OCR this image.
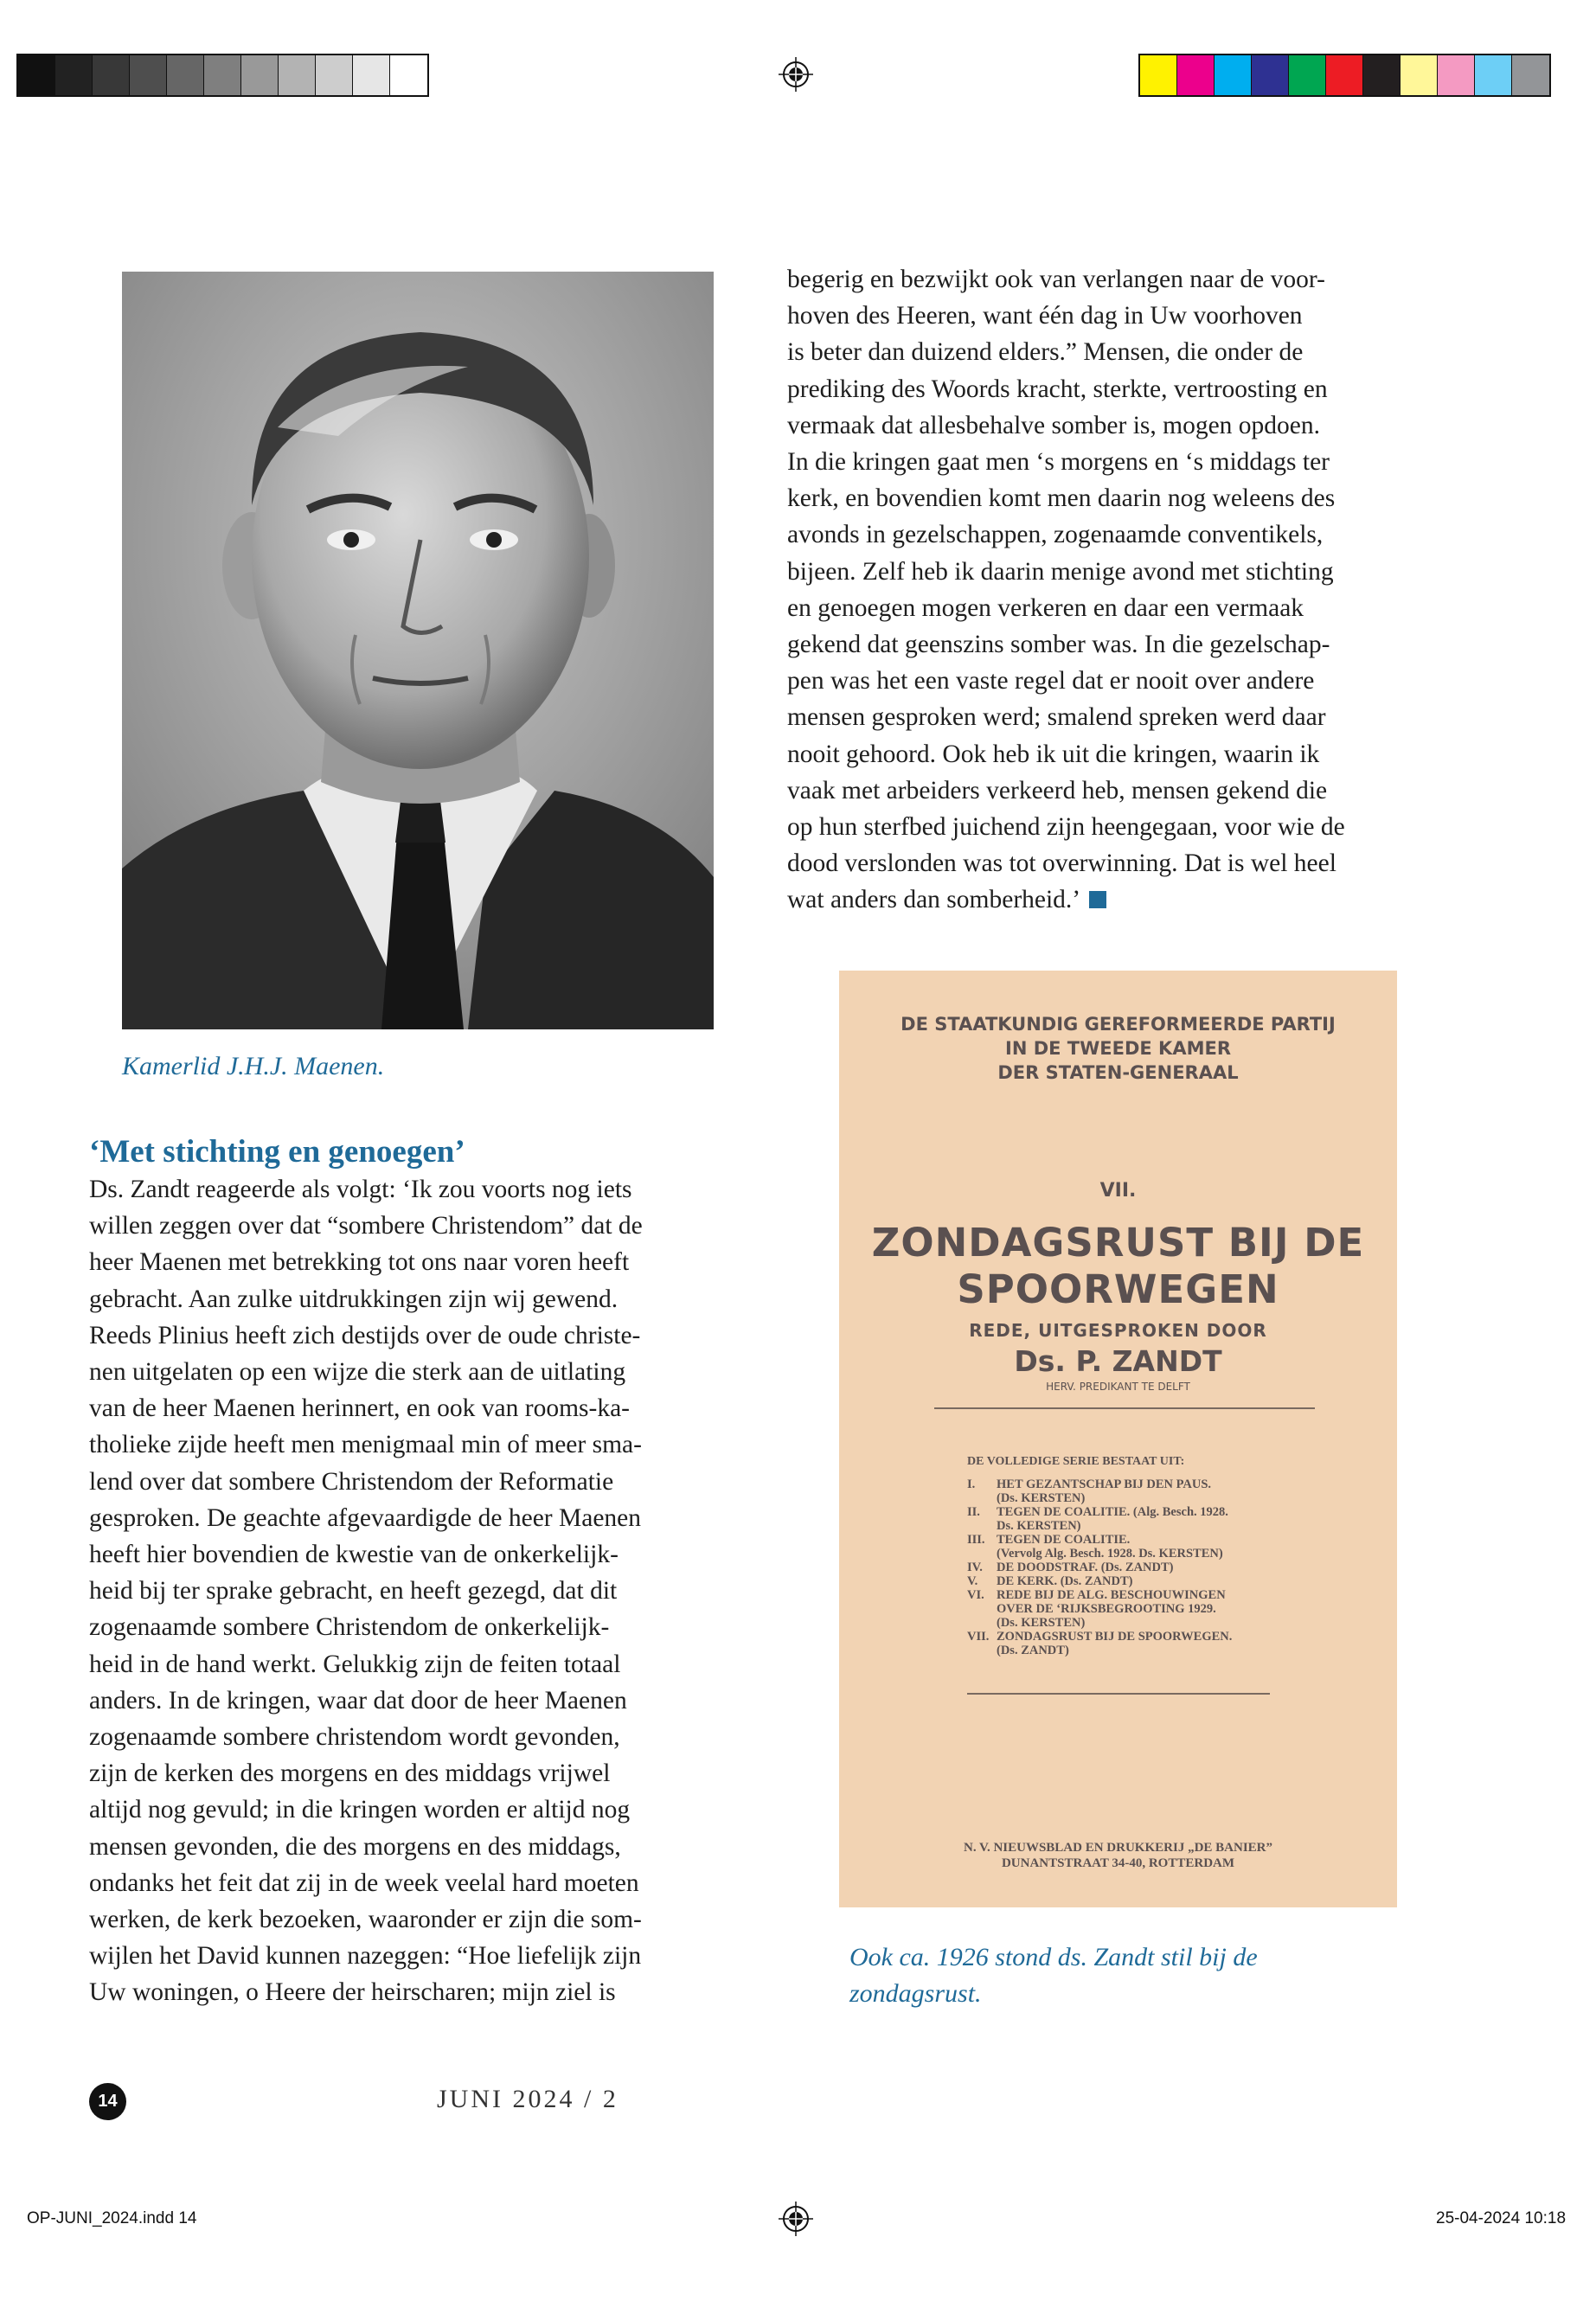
Kamerlid J.H.J. Maenen.
begerig en bezwijkt ook van verlangen naar de voor-
hoven des Heeren, want één dag in Uw voorhoven
is beter dan duizend elders.” Mensen, die onder de
prediking des Woords kracht, sterkte, vertroosting en
vermaak dat allesbehalve somber is, mogen opdoen.
In die kringen gaat men ‘s morgens en ‘s middags ter
kerk, en bovendien komt men daarin nog weleens des
avonds in gezelschappen, zogenaamde conventikels,
bijeen. Zelf heb ik daarin menige avond met stichting
en genoegen mogen verkeren en daar een vermaak
gekend dat geenszins somber was. In die gezelschap-
pen was het een vaste regel dat er nooit over andere
mensen gesproken werd; smalend spreken werd daar
nooit gehoord. Ook heb ik uit die kringen, waarin ik
vaak met arbeiders verkeerd heb, mensen gekend die
op hun sterfbed juichend zijn heengegaan, voor wie de
dood verslonden was tot overwinning. Dat is wel heel
wat anders dan somberheid.’
‘Met stichting en genoegen’
Ds. Zandt reageerde als volgt: ‘Ik zou voorts nog iets
willen zeggen over dat “sombere Christendom” dat de
heer Maenen met betrekking tot ons naar voren heeft
gebracht. Aan zulke uitdrukkingen zijn wij gewend.
Reeds Plinius heeft zich destijds over de oude christe-
nen uitgelaten op een wijze die sterk aan de uitlating
van de heer Maenen herinnert, en ook van rooms-ka-
tholieke zijde heeft men menigmaal min of meer sma-
lend over dat sombere Christendom der Reformatie
gesproken. De geachte afgevaardigde de heer Maenen
heeft hier bovendien de kwestie van de onkerkelijk-
heid bij ter sprake gebracht, en heeft gezegd, dat dit
zogenaamde sombere Christendom de onkerkelijk-
heid in de hand werkt. Gelukkig zijn de feiten totaal
anders. In de kringen, waar dat door de heer Maenen
zogenaamde sombere christendom wordt gevonden,
zijn de kerken des morgens en des middags vrijwel
altijd nog gevuld; in die kringen worden er altijd nog
mensen gevonden, die des morgens en des middags,
ondanks het feit dat zij in de week veelal hard moeten
werken, de kerk bezoeken, waaronder er zijn die som-
wijlen het David kunnen nazeggen: “Hoe liefelijk zijn
Uw woningen, o Heere der heirscharen; mijn ziel is
DE STAATKUNDIG GEREFORMEERDE PARTIJ
IN DE TWEEDE KAMER
DER STATEN-GENERAAL
VII.
ZONDAGSRUST BIJ DE
SPOORWEGEN
REDE, UITGESPROKEN DOOR
Ds. P. ZANDT
HERV. PREDIKANT TE DELFT
DE VOLLEDIGE SERIE BESTAAT UIT:
I. HET GEZANTSCHAP BIJ DEN PAUS.
(Ds. KERSTEN)
II. TEGEN DE COALITIE. (Alg. Besch. 1928.
Ds. KERSTEN)
III. TEGEN DE COALITIE.
(Vervolg Alg. Besch. 1928. Ds. KERSTEN)
IV. DE DOODSTRAF. (Ds. ZANDT)
V. DE KERK. (Ds. ZANDT)
VI. REDE BIJ DE ALG. BESCHOUWINGEN
OVER DE ‘RIJKSBEGROOTING 1929.
(Ds. KERSTEN)
VII. ZONDAGSRUST BIJ DE SPOORWEGEN.
(Ds. ZANDT)
N. V. NIEUWSBLAD EN DRUKKERIJ „DE BANIER”
DUNANTSTRAAT 34-40, ROTTERDAM
Ook ca. 1926 stond ds. Zandt stil bij de
zondagsrust.
14	JUNI 2024 / 2
OP-JUNI_2024.indd 14	25-04-2024 10:18
